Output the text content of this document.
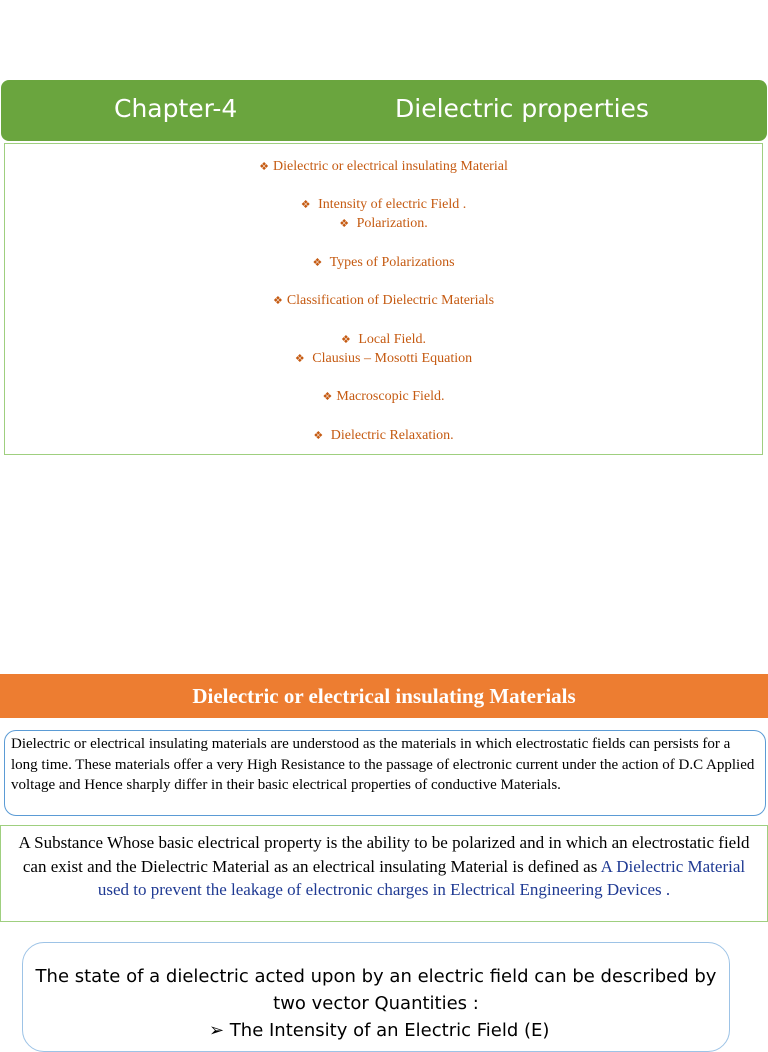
Chapter-4	Dielectric properties
❖ Dielectric or electrical insulating Material
❖ Intensity of electric Field .
❖ Polarization.
❖ Types of Polarizations
❖ Classification of Dielectric Materials
❖ Local Field.
❖ Clausius – Mosotti Equation
❖ Macroscopic Field.
❖ Dielectric Relaxation.
Dielectric or electrical insulating Materials
Dielectric or electrical insulating materials are understood as the materials in which electrostatic fields can persists for a long time. These materials offer a very High Resistance to the passage of electronic current under the action of D.C Applied voltage and Hence sharply differ in their basic electrical properties of conductive Materials.
A Substance Whose basic electrical property is the ability to be polarized and in which an electrostatic field can exist and the Dielectric Material as an electrical insulating Material is defined as A Dielectric Material used to prevent the leakage of electronic charges in Electrical Engineering Devices .
The state of a dielectric acted upon by an electric field can be described by two vector Quantities :
➢ The Intensity of an Electric Field (E)
